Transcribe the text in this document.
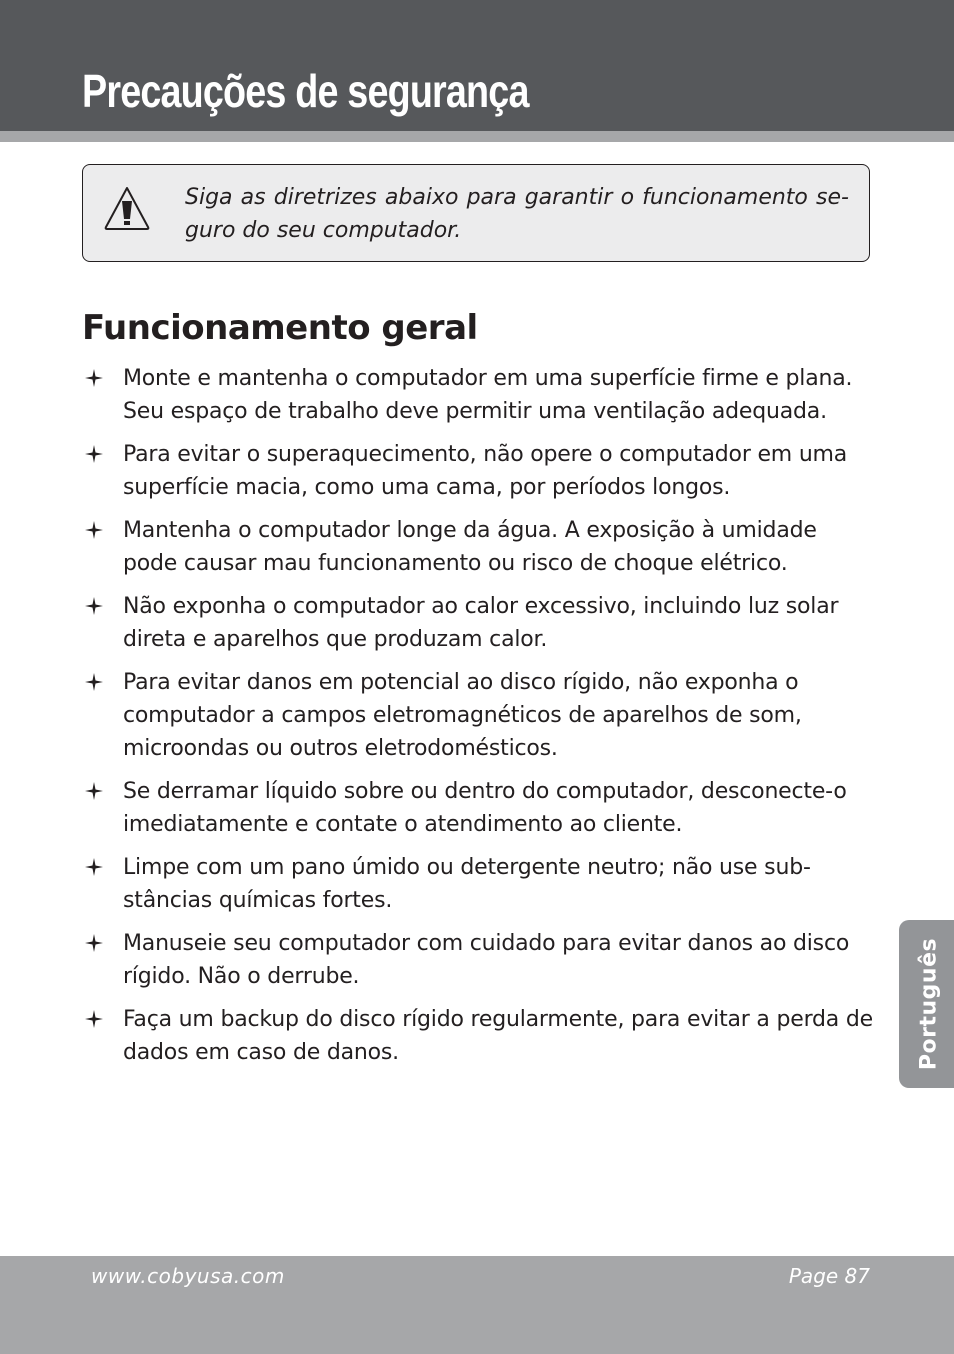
Precauções de segurança
Siga as diretrizes abaixo para garantir o funcionamento se-guro do seu computador.
Funcionamento geral
Monte e mantenha o computador em uma superfície firme e plana. Seu espaço de trabalho deve permitir uma ventilação adequada.
Para evitar o superaquecimento, não opere o computador em uma superfície macia, como uma cama, por períodos longos.
Mantenha o computador longe da água. A exposição à umidade pode causar mau funcionamento ou risco de choque elétrico.
Não exponha o computador ao calor excessivo, incluindo luz solar direta e aparelhos que produzam calor.
Para evitar danos em potencial ao disco rígido, não exponha o computador a campos eletromagnéticos de aparelhos de som, microondas ou outros eletrodomésticos.
Se derramar líquido sobre ou dentro do computador, desconecte-o imediatamente e contate o atendimento ao cliente.
Limpe com um pano úmido ou detergente neutro; não use sub-stâncias químicas fortes.
Manuseie seu computador com cuidado para evitar danos ao disco rígido. Não o derrube.
Faça um backup do disco rígido regularmente, para evitar a perda de dados em caso de danos.	Português
www.cobyusa.com	Page 87
